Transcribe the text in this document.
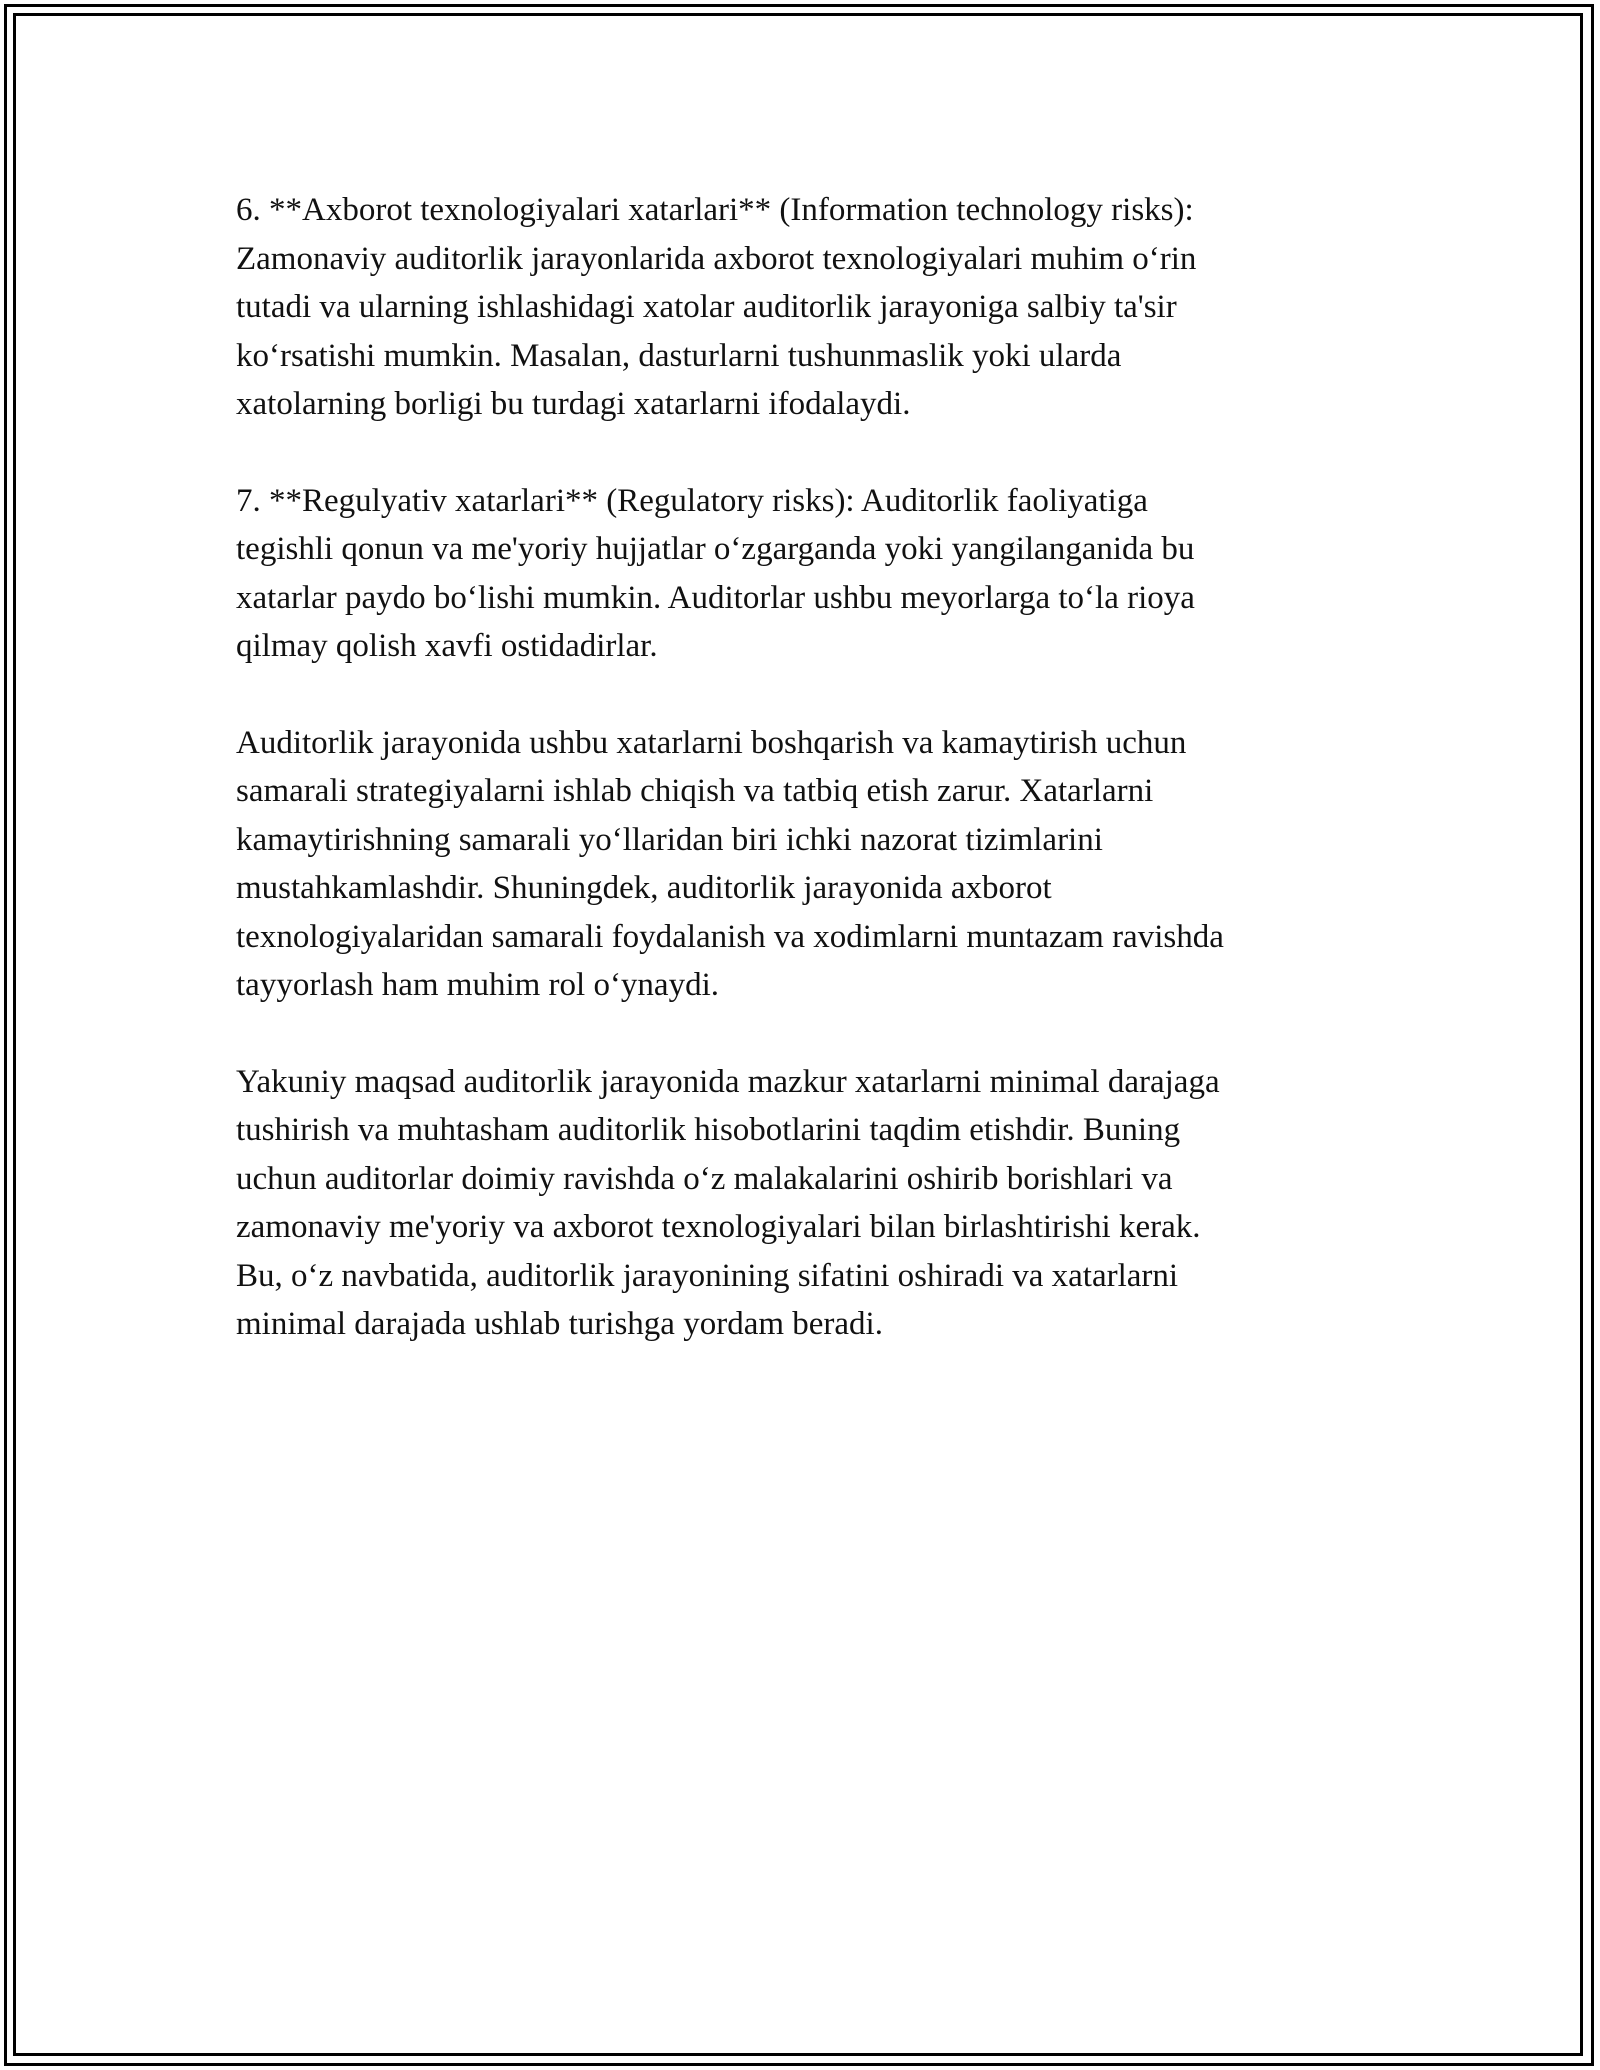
6. **Axborot texnologiyalari xatarlari** (Information technology risks):
Zamonaviy auditorlik jarayonlarida axborot texnologiyalari muhim o‘rin
tutadi va ularning ishlashidagi xatolar auditorlik jarayoniga salbiy ta'sir
ko‘rsatishi mumkin. Masalan, dasturlarni tushunmaslik yoki ularda
xatolarning borligi bu turdagi xatarlarni ifodalaydi.

7. **Regulyativ xatarlari** (Regulatory risks): Auditorlik faoliyatiga
tegishli qonun va me'yoriy hujjatlar o‘zgarganda yoki yangilanganida bu
xatarlar paydo bo‘lishi mumkin. Auditorlar ushbu meyorlarga to‘la rioya
qilmay qolish xavfi ostidadirlar.

Auditorlik jarayonida ushbu xatarlarni boshqarish va kamaytirish uchun
samarali strategiyalarni ishlab chiqish va tatbiq etish zarur. Xatarlarni
kamaytirishning samarali yo‘llaridan biri ichki nazorat tizimlarini
mustahkamlashdir. Shuningdek, auditorlik jarayonida axborot
texnologiyalaridan samarali foydalanish va xodimlarni muntazam ravishda
tayyorlash ham muhim rol o‘ynaydi.

Yakuniy maqsad auditorlik jarayonida mazkur xatarlarni minimal darajaga
tushirish va muhtasham auditorlik hisobotlarini taqdim etishdir. Buning
uchun auditorlar doimiy ravishda o‘z malakalarini oshirib borishlari va
zamonaviy me'yoriy va axborot texnologiyalari bilan birlashtirishi kerak.
Bu, o‘z navbatida, auditorlik jarayonining sifatini oshiradi va xatarlarni
minimal darajada ushlab turishga yordam beradi.
